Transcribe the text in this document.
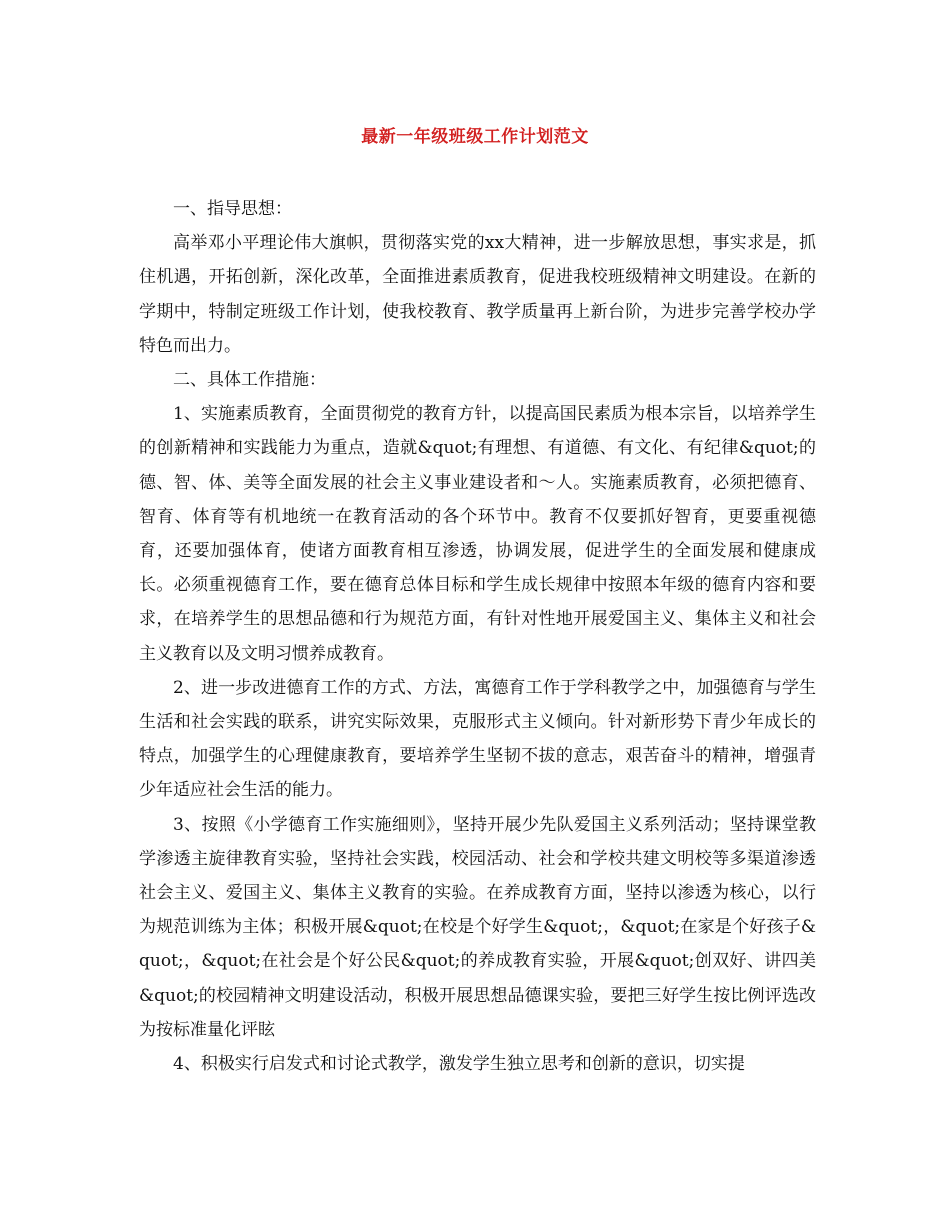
最新一年级班级工作计划范文

一、指导思想：

高举邓小平理论伟大旗帜，贯彻落实党的xx大精神，进一步解放思想，事实求是，抓住机遇，开拓创新，深化改革，全面推进素质教育，促进我校班级精神文明建设。在新的学期中，特制定班级工作计划，使我校教育、教学质量再上新台阶，为进步完善学校办学特色而出力。

二、具体工作措施：

1、实施素质教育，全面贯彻党的教育方针，以提高国民素质为根本宗旨，以培养学生的创新精神和实践能力为重点，造就&quot;有理想、有道德、有文化、有纪律&quot;的德、智、体、美等全面发展的社会主义事业建设者和～人。实施素质教育，必须把德育、智育、体育等有机地统一在教育活动的各个环节中。教育不仅要抓好智育，更要重视德育，还要加强体育，使诸方面教育相互渗透，协调发展，促进学生的全面发展和健康成长。必须重视德育工作，要在德育总体目标和学生成长规律中按照本年级的德育内容和要求，在培养学生的思想品德和行为规范方面，有针对性地开展爱国主义、集体主义和社会主义教育以及文明习惯养成教育。

2、进一步改进德育工作的方式、方法，寓德育工作于学科教学之中，加强德育与学生生活和社会实践的联系，讲究实际效果，克服形式主义倾向。针对新形势下青少年成长的特点，加强学生的心理健康教育，要培养学生坚韧不拔的意志，艰苦奋斗的精神，增强青少年适应社会生活的能力。

3、按照《小学德育工作实施细则》，坚持开展少先队爱国主义系列活动；坚持课堂教学渗透主旋律教育实验，坚持社会实践，校园活动、社会和学校共建文明校等多渠道渗透社会主义、爱国主义、集体主义教育的实验。在养成教育方面，坚持以渗透为核心，以行为规范训练为主体；积极开展&quot;在校是个好学生&quot;，&quot;在家是个好孩子&quot;，&quot;在社会是个好公民&quot;的养成教育实验，开展&quot;创双好、讲四美&quot;的校园精神文明建设活动，积极开展思想品德课实验，要把三好学生按比例评选改为按标准量化评眩

4、积极实行启发式和讨论式教学，激发学生独立思考和创新的意识，切实提
